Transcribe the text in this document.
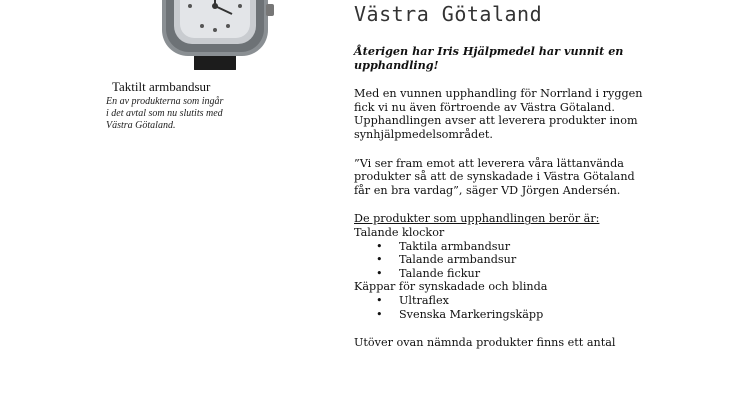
Taktilt armbandsur
En av produkterna som ingår
i det avtal som nu slutits med
Västra Götaland.
Västra Götaland

Återigen har Iris Hjälpmedel har vunnit en upphandling!

Med en vunnen upphandling för Norrland i ryggen fick vi nu även förtroende av Västra Götaland. Upphandlingen avser att leverera produkter inom synhjälpmedelsområdet.

”Vi ser fram emot att leverera våra lättanvända produkter så att de synskadade i Västra Götaland får en bra vardag”, säger VD Jörgen Andersén.

De produkter som upphandlingen berör är:
Talande klockor
• Taktila armbandsur
• Talande armbandsur
• Talande fickur
Käppar för synskadade och blinda
• Ultraflex
• Svenska Markeringskäpp

Utöver ovan nämnda produkter finns ett antal
